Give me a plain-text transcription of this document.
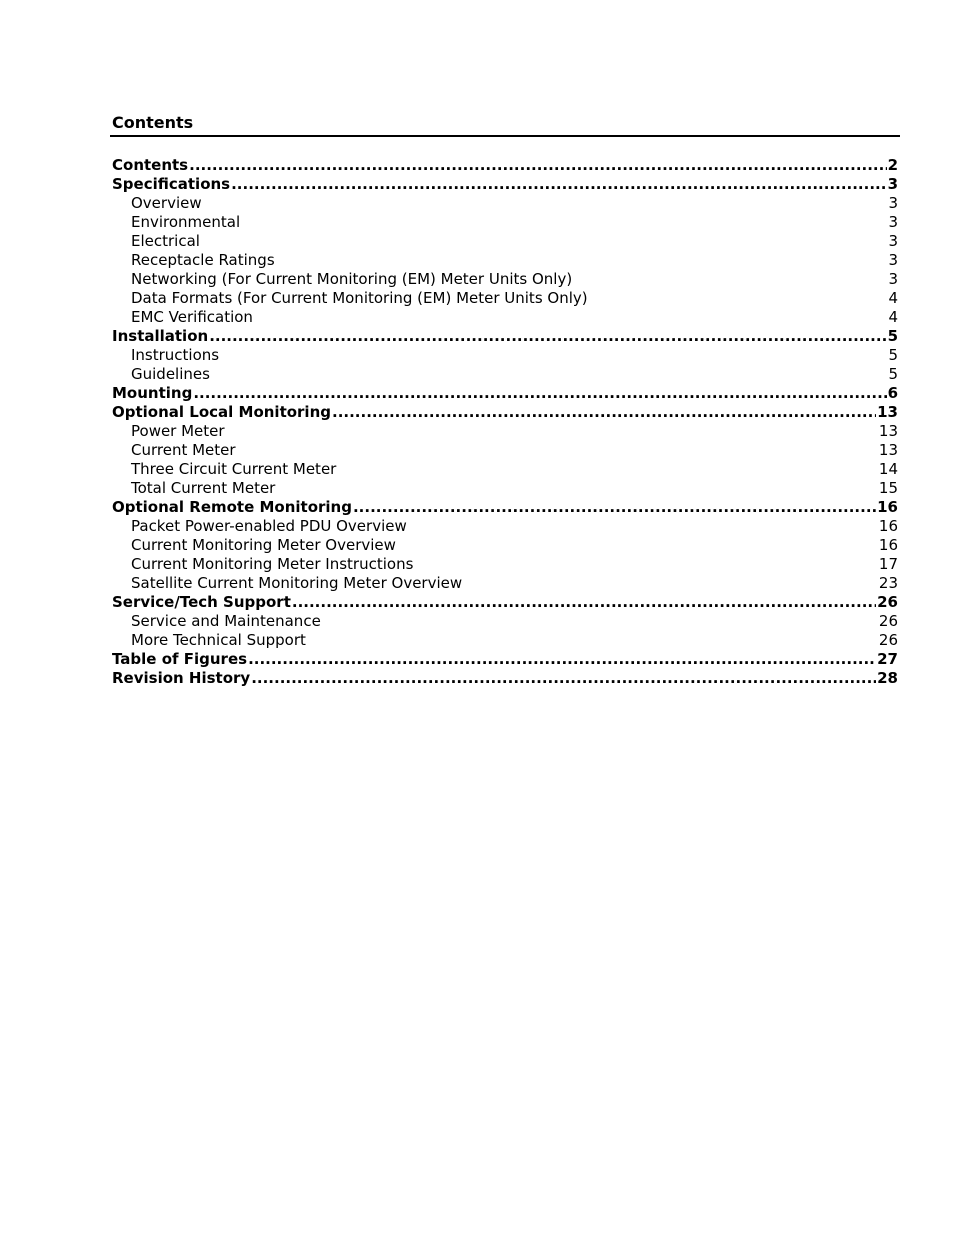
Contents
Contents .....	2
Specifications .....	3
Overview	3
Environmental	3
Electrical	3
Receptacle Ratings	3
Networking (For Current Monitoring (EM) Meter Units Only)	3
Data Formats (For Current Monitoring (EM) Meter Units Only)	4
EMC Verification	4
Installation .....	5
Instructions	5
Guidelines	5
Mounting .....	6
Optional Local Monitoring .....	13
Power Meter	13
Current Meter	13
Three Circuit Current Meter	14
Total Current Meter	15
Optional Remote Monitoring .....	16
Packet Power-enabled PDU Overview	16
Current Monitoring Meter Overview	16
Current Monitoring Meter Instructions	17
Satellite Current Monitoring Meter Overview	23
Service/Tech Support .....	26
Service and Maintenance	26
More Technical Support	26
Table of Figures .....	27
Revision History .....	28
